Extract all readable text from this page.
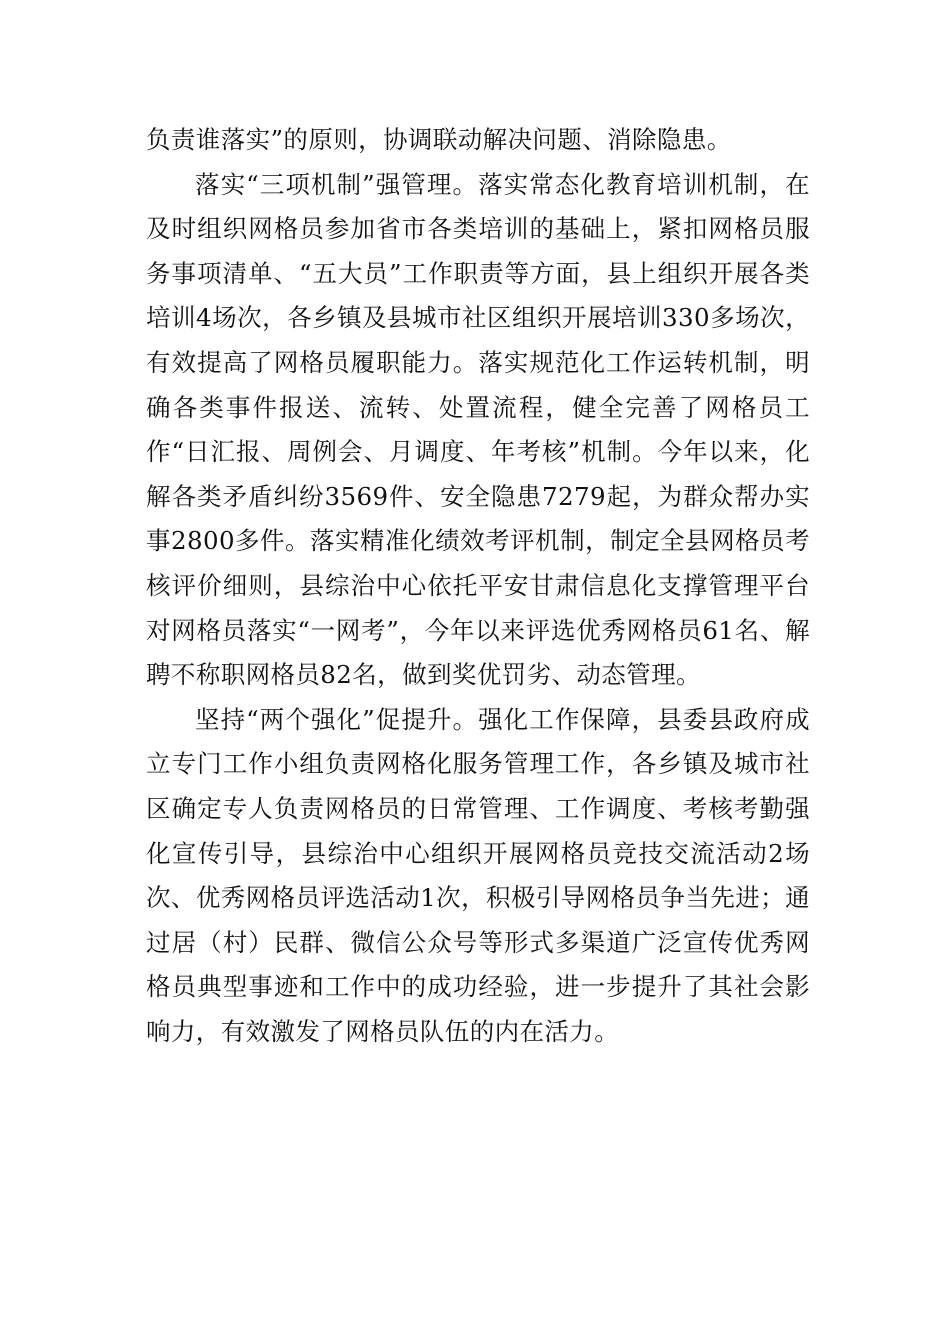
负责谁落实”的原则，协调联动解决问题、消除隐患。

落实“三项机制”强管理。落实常态化教育培训机制，在及时组织网格员参加省市各类培训的基础上，紧扣网格员服务事项清单、“五大员”工作职责等方面，县上组织开展各类培训4场次，各乡镇及县城市社区组织开展培训330多场次，有效提高了网格员履职能力。落实规范化工作运转机制，明确各类事件报送、流转、处置流程，健全完善了网格员工作“日汇报、周例会、月调度、年考核”机制。今年以来，化解各类矛盾纠纷3569件、安全隐患7279起，为群众帮办实事2800多件。落实精准化绩效考评机制，制定全县网格员考核评价细则，县综治中心依托平安甘肃信息化支撑管理平台对网格员落实“一网考”，今年以来评选优秀网格员61名、解聘不称职网格员82名，做到奖优罚劣、动态管理。

坚持“两个强化”促提升。强化工作保障，县委县政府成立专门工作小组负责网格化服务管理工作，各乡镇及城市社区确定专人负责网格员的日常管理、工作调度、考核考勤强化宣传引导，县综治中心组织开展网格员竞技交流活动2场次、优秀网格员评选活动1次，积极引导网格员争当先进；通过居（村）民群、微信公众号等形式多渠道广泛宣传优秀网格员典型事迹和工作中的成功经验，进一步提升了其社会影响力，有效激发了网格员队伍的内在活力。
